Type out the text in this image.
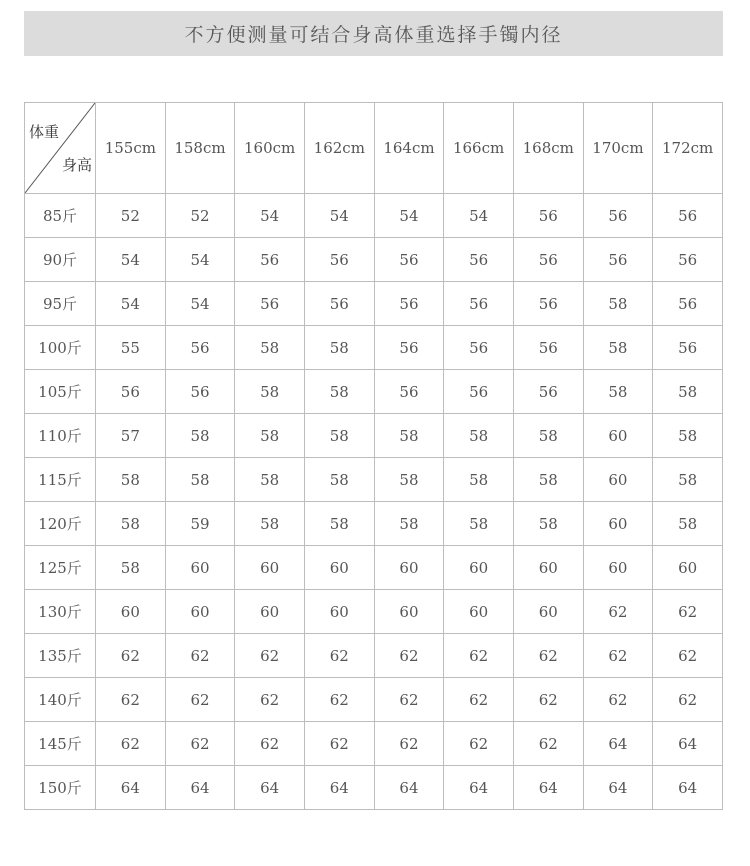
不方便测量可结合身高体重选择手镯内径
体重
身高	155cm	158cm	160cm	162cm	164cm	166cm	168cm	170cm	172cm
85斤	52	52	54	54	54	54	56	56	56
90斤	54	54	56	56	56	56	56	56	56
95斤	54	54	56	56	56	56	56	58	56
100斤	55	56	58	58	56	56	56	58	56
105斤	56	56	58	58	56	56	56	58	58
110斤	57	58	58	58	58	58	58	60	58
115斤	58	58	58	58	58	58	58	60	58
120斤	58	59	58	58	58	58	58	60	58
125斤	58	60	60	60	60	60	60	60	60
130斤	60	60	60	60	60	60	60	62	62
135斤	62	62	62	62	62	62	62	62	62
140斤	62	62	62	62	62	62	62	62	62
145斤	62	62	62	62	62	62	62	64	64
150斤	64	64	64	64	64	64	64	64	64
